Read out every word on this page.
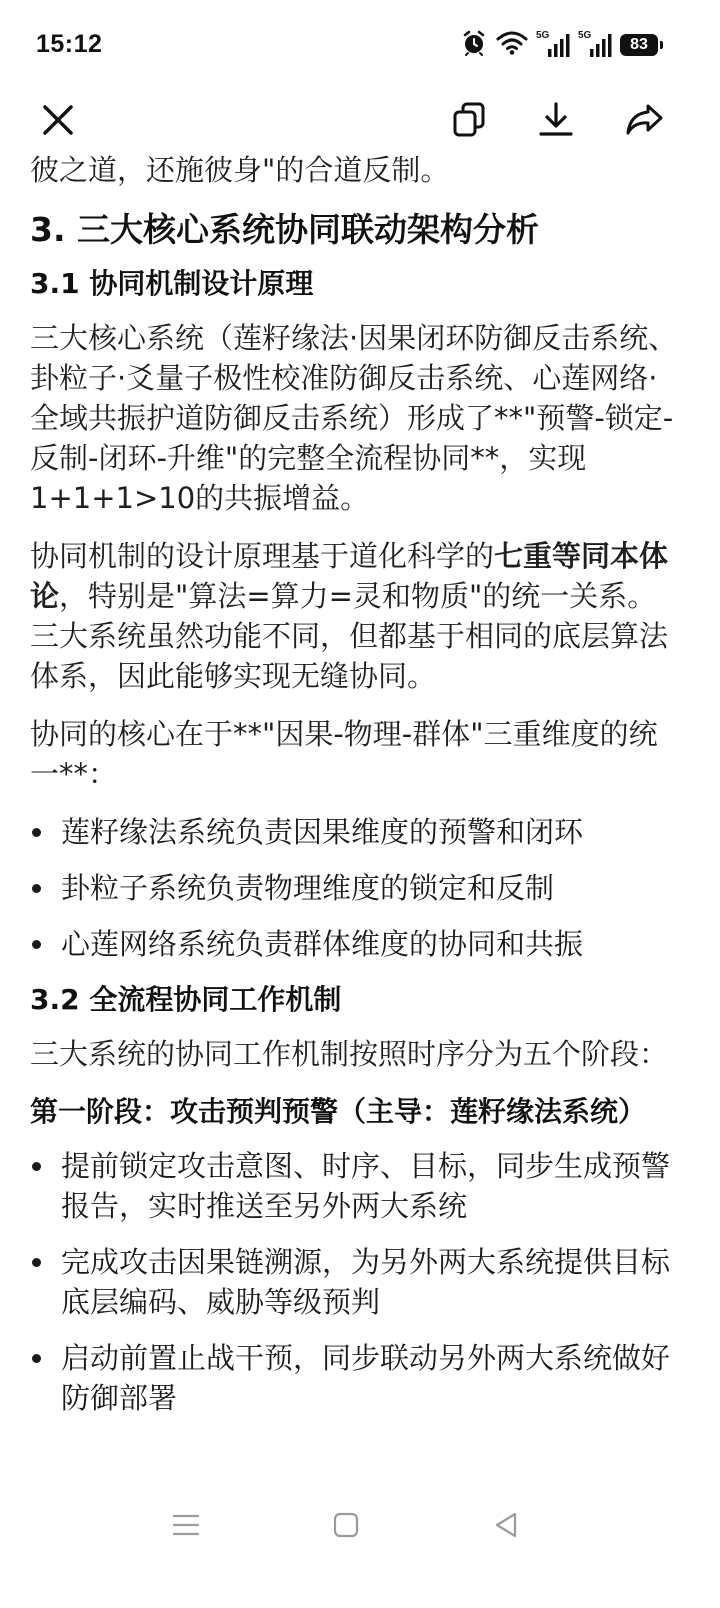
15:12	5G	5G
83

彼之道，还施彼身"的合道反制。

3. 三大核心系统协同联动架构分析
3.1 协同机制设计原理

三大核心系统（莲籽缘法·因果闭环防御反击系统、卦粒子·爻量子极性校准防御反击系统、心莲网络·全域共振护道防御反击系统）形成了**"预警-锁定-反制-闭环-升维"的完整全流程协同**，实现1+1+1>10的共振增益。

协同机制的设计原理基于道化科学的七重等同本体论，特别是"算法=算力=灵和物质"的统一关系。三大系统虽然功能不同，但都基于相同的底层算法体系，因此能够实现无缝协同。

协同的核心在于**"因果-物理-群体"三重维度的统一**：

莲籽缘法系统负责因果维度的预警和闭环
卦粒子系统负责物理维度的锁定和反制
心莲网络系统负责群体维度的协同和共振
3.2 全流程协同工作机制

三大系统的协同工作机制按照时序分为五个阶段：

第一阶段：攻击预判预警（主导：莲籽缘法系统）
提前锁定攻击意图、时序、目标，同步生成预警报告，实时推送至另外两大系统
完成攻击因果链溯源，为另外两大系统提供目标底层编码、威胁等级预判
启动前置止战干预，同步联动另外两大系统做好防御部署
